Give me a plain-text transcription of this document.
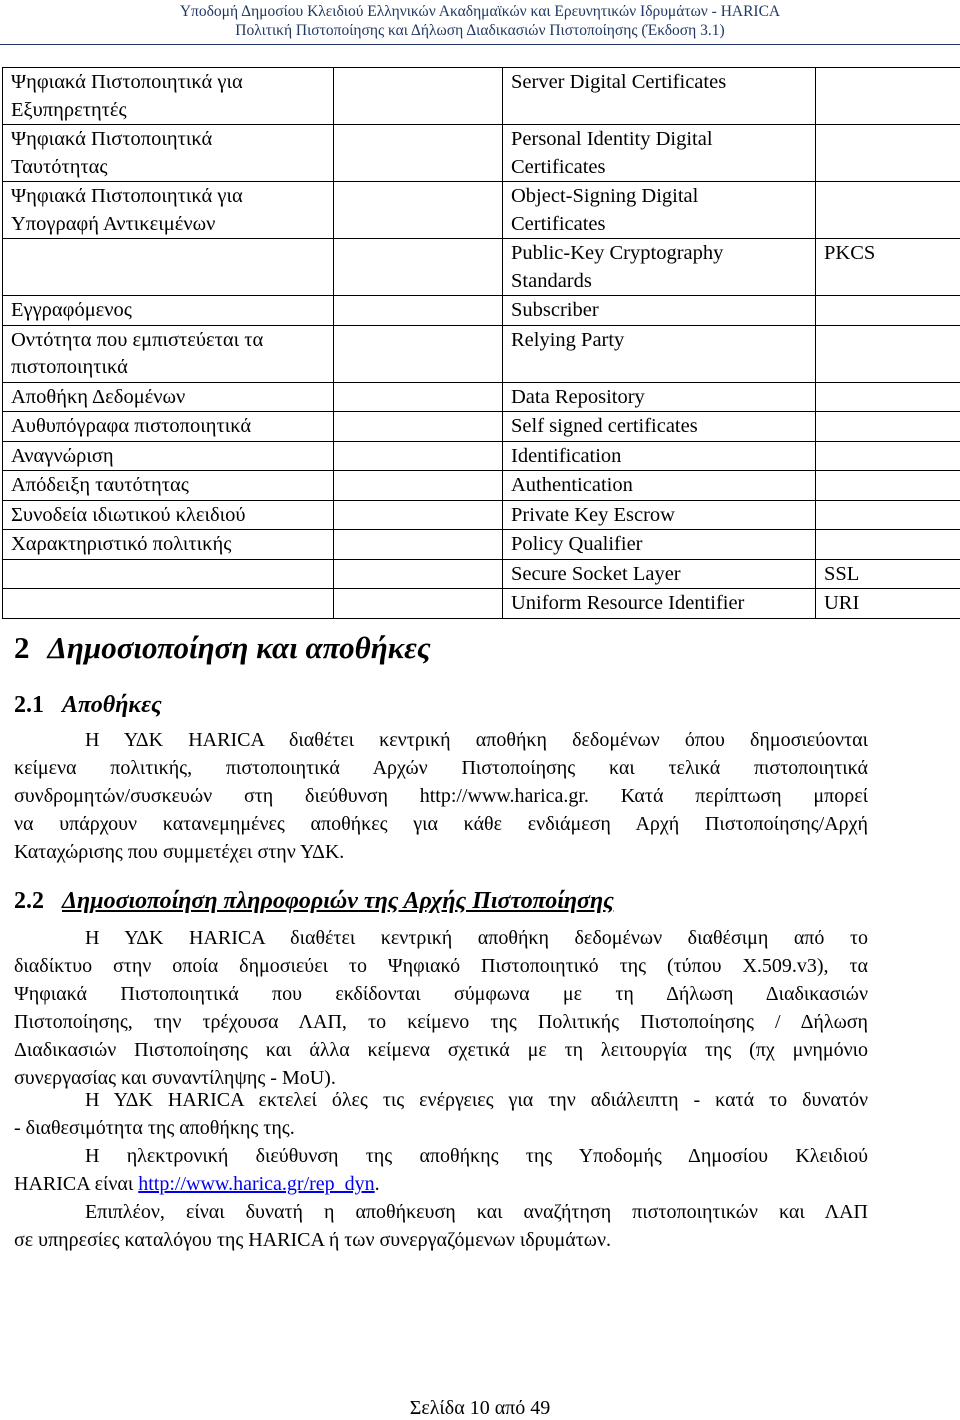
Υποδομή Δημοσίου Κλειδιού Ελληνικών Ακαδημαϊκών και Ερευνητικών Ιδρυμάτων - HARICA
Πολιτική Πιστοποίησης και Δήλωση Διαδικασιών Πιστοποίησης (Έκδοση 3.1)
Ψηφιακά Πιστοποιητικά για
Εξυπηρετητές		Server Digital Certificates	

Ψηφιακά Πιστοποιητικά
Ταυτότητας		Personal Identity Digital
Certificates	

Ψηφιακά Πιστοποιητικά για
Υπογραφή Αντικειμένων		Object-Signing Digital
Certificates	

		Public-Key Cryptography
Standards	PKCS

Εγγραφόμενος		Subscriber	

Οντότητα που εμπιστεύεται τα
πιστοποιητικά		Relying Party	

Αποθήκη Δεδομένων		Data Repository	

Αυθυπόγραφα πιστοποιητικά		Self signed certificates	

Αναγνώριση		Identification	

Απόδειξη ταυτότητας		Authentication	

Συνοδεία ιδιωτικού κλειδιού		Private Key Escrow	

Χαρακτηριστικό πολιτικής		Policy Qualifier	

		Secure Socket Layer	SSL

		Uniform Resource Identifier	URI
2 Δημοσιοποίηση και αποθήκες
2.1 Αποθήκες
Η ΥΔΚ HARICA διαθέτει κεντρική αποθήκη δεδομένων όπου δημοσιεύονται
κείμενα πολιτικής, πιστοποιητικά Αρχών Πιστοποίησης και τελικά πιστοποιητικά
συνδρομητών/συσκευών στη διεύθυνση http://www.harica.gr. Κατά περίπτωση μπορεί
να υπάρχουν κατανεμημένες αποθήκες για κάθε ενδιάμεση Αρχή Πιστοποίησης/Αρχή
Καταχώρισης που συμμετέχει στην ΥΔΚ.
2.2 Δημοσιοποίηση πληροφοριών της Αρχής Πιστοποίησης
Η ΥΔΚ HARICA διαθέτει κεντρική αποθήκη δεδομένων διαθέσιμη από το
διαδίκτυο στην οποία δημοσιεύει το Ψηφιακό Πιστοποιητικό της (τύπου X.509.v3), τα
Ψηφιακά Πιστοποιητικά που εκδίδονται σύμφωνα με τη Δήλωση Διαδικασιών
Πιστοποίησης, την τρέχουσα ΛΑΠ, το κείμενο της Πολιτικής Πιστοποίησης / Δήλωση
Διαδικασιών Πιστοποίησης και άλλα κείμενα σχετικά με τη λειτουργία της (πχ μνημόνιο
συνεργασίας και συναντίληψης - MoU).
Η ΥΔΚ HARICA εκτελεί όλες τις ενέργειες για την αδιάλειπτη - κατά το δυνατόν
- διαθεσιμότητα της αποθήκης της.
Η ηλεκτρονική διεύθυνση της αποθήκης της Υποδομής Δημοσίου Κλειδιού
HARICA είναι http://www.harica.gr/rep_dyn.
Επιπλέον, είναι δυνατή η αποθήκευση και αναζήτηση πιστοποιητικών και ΛΑΠ
σε υπηρεσίες καταλόγου της HARICA ή των συνεργαζόμενων ιδρυμάτων.
Σελίδα 10 από 49
